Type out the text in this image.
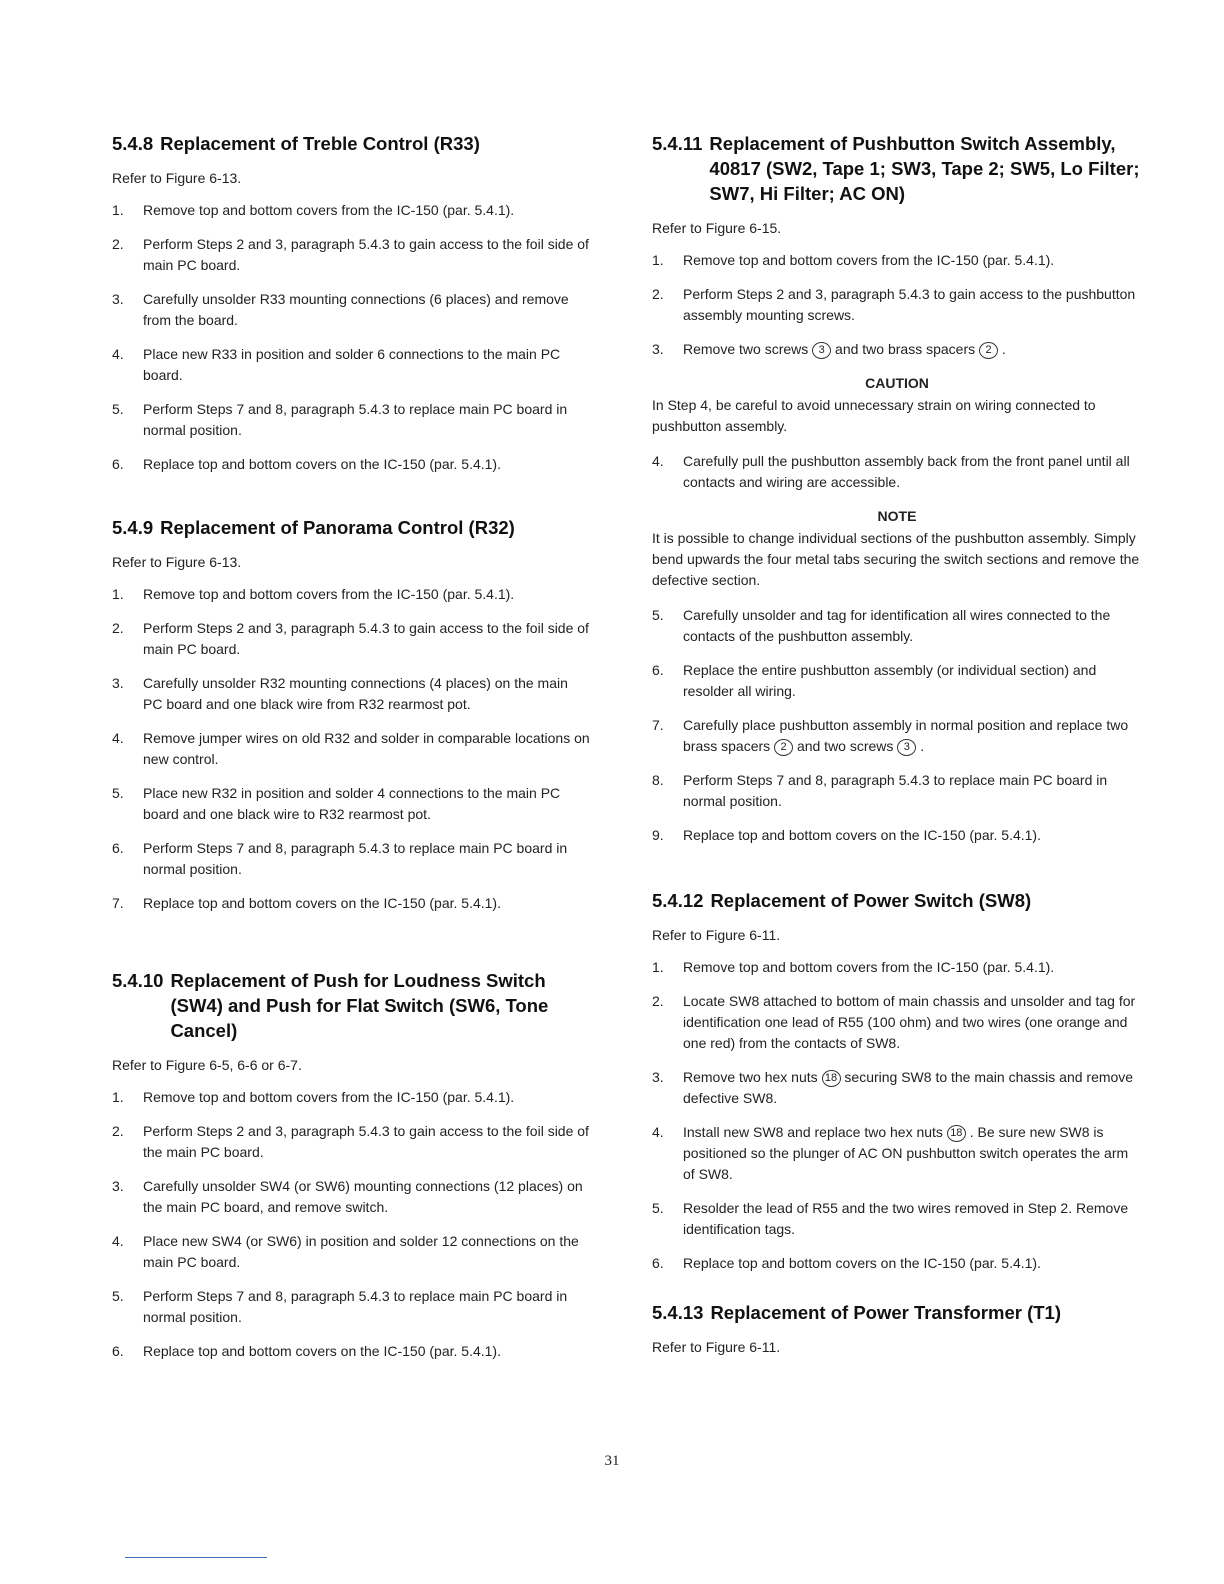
5.4.8 Replacement of Treble Control (R33)
Refer to Figure 6-13.
1.	Remove top and bottom covers from the IC-150 (par. 5.4.1).
2.	Perform Steps 2 and 3, paragraph 5.4.3 to gain access to the foil side of main PC board.
3.	Carefully unsolder R33 mounting connections (6 places) and remove from the board.
4.	Place new R33 in position and solder 6 connections to the main PC board.
5.	Perform Steps 7 and 8, paragraph 5.4.3 to replace main PC board in normal position.
6.	Replace top and bottom covers on the IC-150 (par. 5.4.1).
5.4.9 Replacement of Panorama Control (R32)
Refer to Figure 6-13.
1.	Remove top and bottom covers from the IC-150 (par. 5.4.1).
2.	Perform Steps 2 and 3, paragraph 5.4.3 to gain access to the foil side of main PC board.
3.	Carefully unsolder R32 mounting connections (4 places) on the main PC board and one black wire from R32 rearmost pot.
4.	Remove jumper wires on old R32 and solder in comparable locations on new control.
5.	Place new R32 in position and solder 4 connections to the main PC board and one black wire to R32 rearmost pot.
6.	Perform Steps 7 and 8, paragraph 5.4.3 to replace main PC board in normal position.
7.	Replace top and bottom covers on the IC-150 (par. 5.4.1).
5.4.10 Replacement of Push for Loudness Switch (SW4) and Push for Flat Switch (SW6, Tone Cancel)
Refer to Figure 6-5, 6-6 or 6-7.
1.	Remove top and bottom covers from the IC-150 (par. 5.4.1).
2.	Perform Steps 2 and 3, paragraph 5.4.3 to gain access to the foil side of the main PC board.
3.	Carefully unsolder SW4 (or SW6) mounting connections (12 places) on the main PC board, and remove switch.
4.	Place new SW4 (or SW6) in position and solder 12 connections on the main PC board.
5.	Perform Steps 7 and 8, paragraph 5.4.3 to replace main PC board in normal position.
6.	Replace top and bottom covers on the IC-150 (par. 5.4.1).
5.4.11 Replacement of Pushbutton Switch Assembly, 40817 (SW2, Tape 1; SW3, Tape 2; SW5, Lo Filter; SW7, Hi Filter; AC ON)
Refer to Figure 6-15.
1.	Remove top and bottom covers from the IC-150 (par. 5.4.1).
2.	Perform Steps 2 and 3, paragraph 5.4.3 to gain access to the pushbutton assembly mounting screws.
3.	Remove two screws 3 and two brass spacers 2 .
CAUTION
In Step 4, be careful to avoid unnecessary strain on wiring connected to pushbutton assembly.
4.	Carefully pull the pushbutton assembly back from the front panel until all contacts and wiring are accessible.
NOTE
It is possible to change individual sections of the pushbutton assembly. Simply bend upwards the four metal tabs securing the switch sections and remove the defective section.
5.	Carefully unsolder and tag for identification all wires connected to the contacts of the pushbutton assembly.
6.	Replace the entire pushbutton assembly (or individual section) and resolder all wiring.
7.	Carefully place pushbutton assembly in normal position and replace two brass spacers 2 and two screws 3 .
8.	Perform Steps 7 and 8, paragraph 5.4.3 to replace main PC board in normal position.
9.	Replace top and bottom covers on the IC-150 (par. 5.4.1).
5.4.12 Replacement of Power Switch (SW8)
Refer to Figure 6-11.
1.	Remove top and bottom covers from the IC-150 (par. 5.4.1).
2.	Locate SW8 attached to bottom of main chassis and unsolder and tag for identification one lead of R55 (100 ohm) and two wires (one orange and one red) from the contacts of SW8.
3.	Remove two hex nuts 18 securing SW8 to the main chassis and remove defective SW8.
4.	Install new SW8 and replace two hex nuts 18 . Be sure new SW8 is positioned so the plunger of AC ON pushbutton switch operates the arm of SW8.
5.	Resolder the lead of R55 and the two wires removed in Step 2. Remove identification tags.
6.	Replace top and bottom covers on the IC-150 (par. 5.4.1).
5.4.13 Replacement of Power Transformer (T1)
Refer to Figure 6-11.
31
